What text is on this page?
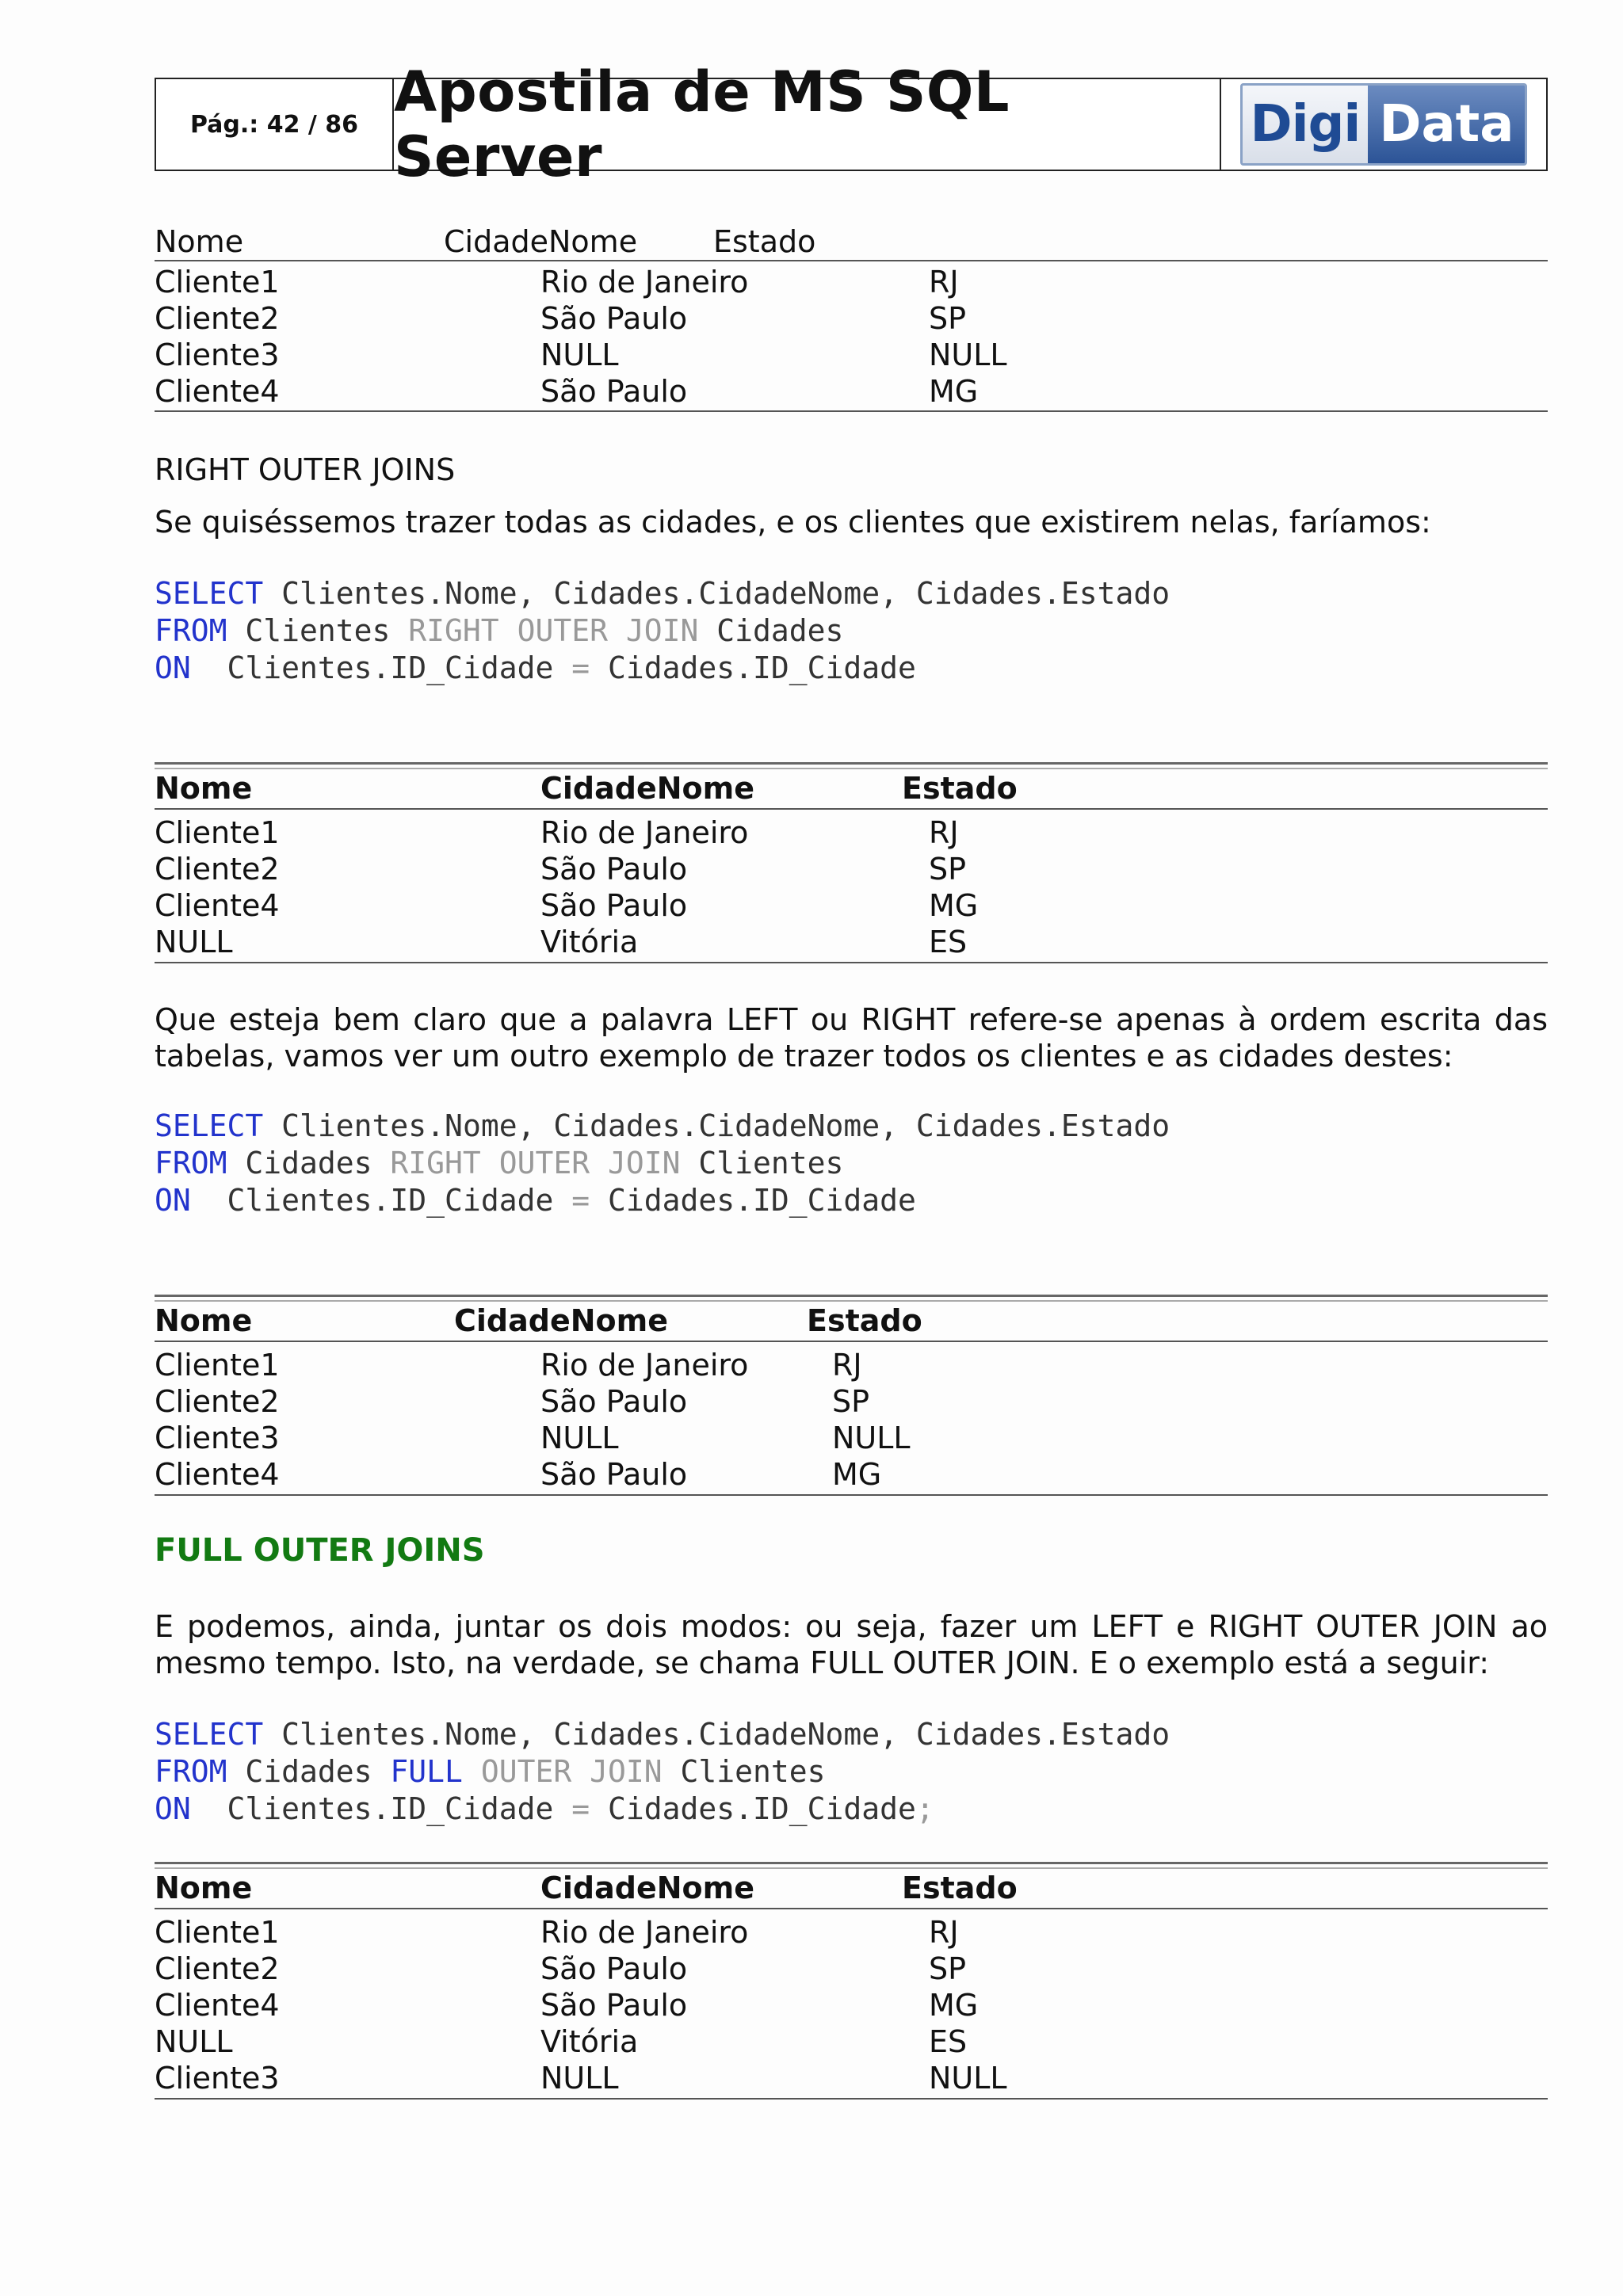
Pág.: 42 / 86 Apostila de MS SQL Server	Digi Data
Nome	CidadeNome	Estado
Cliente1	Rio de Janeiro	RJ
Cliente2	São Paulo	SP
Cliente3	NULL	NULL
Cliente4	São Paulo	MG
RIGHT OUTER JOINS
Se quiséssemos trazer todas as cidades, e os clientes que existirem nelas, faríamos:
SELECT Clientes.Nome, Cidades.CidadeNome, Cidades.Estado
FROM Clientes RIGHT OUTER JOIN Cidades
ON  Clientes.ID_Cidade = Cidades.ID_Cidade
Nome	CidadeNome	Estado
Cliente1	Rio de Janeiro	RJ
Cliente2	São Paulo	SP
Cliente4	São Paulo	MG
NULL	Vitória	ES
Que esteja bem claro que a palavra LEFT ou RIGHT refere-se apenas à ordem escrita das tabelas, vamos ver um outro exemplo de trazer todos os clientes e as cidades destes:
SELECT Clientes.Nome, Cidades.CidadeNome, Cidades.Estado
FROM Cidades RIGHT OUTER JOIN Clientes
ON  Clientes.ID_Cidade = Cidades.ID_Cidade
Nome	CidadeNome	Estado
Cliente1	Rio de Janeiro	RJ
Cliente2	São Paulo	SP
Cliente3	NULL	NULL
Cliente4	São Paulo	MG
FULL OUTER JOINS
E podemos, ainda, juntar os dois modos: ou seja, fazer um LEFT e RIGHT OUTER JOIN ao mesmo tempo. Isto, na verdade, se chama FULL OUTER JOIN. E o exemplo está a seguir:
SELECT Clientes.Nome, Cidades.CidadeNome, Cidades.Estado
FROM Cidades FULL OUTER JOIN Clientes
ON  Clientes.ID_Cidade = Cidades.ID_Cidade;
Nome	CidadeNome	Estado
Cliente1	Rio de Janeiro	RJ
Cliente2	São Paulo	SP
Cliente4	São Paulo	MG
NULL	Vitória	ES
Cliente3	NULL	NULL
